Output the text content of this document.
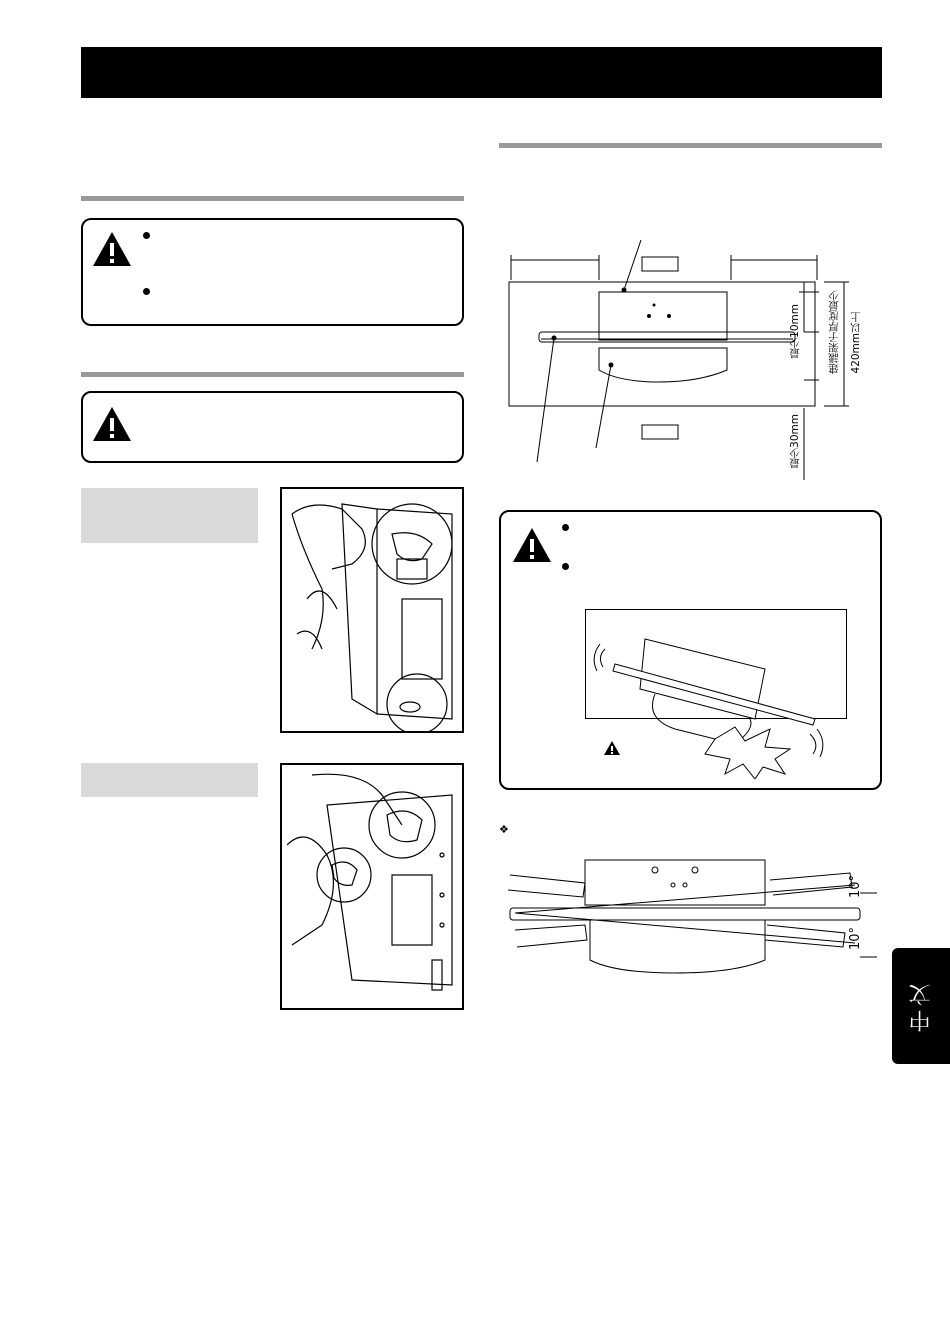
最少10mm	建議架子厚度最少 420mm以上
最少30mm
❖
10°
10°
中文
